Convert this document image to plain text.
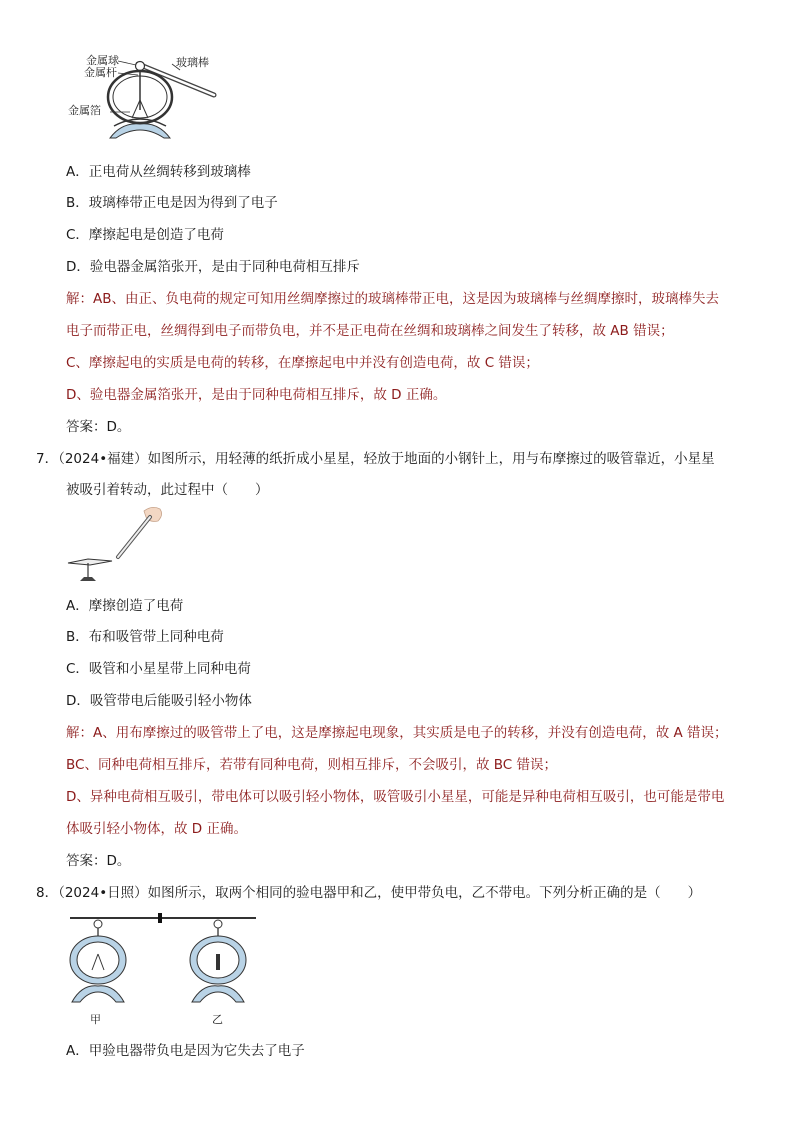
金属球
金属杆
玻璃棒
金属箔
A．正电荷从丝绸转移到玻璃棒
B．玻璃棒带正电是因为得到了电子
C．摩擦起电是创造了电荷
D．验电器金属箔张开，是由于同种电荷相互排斥
解：AB、由正、负电荷的规定可知用丝绸摩擦过的玻璃棒带正电，这是因为玻璃棒与丝绸摩擦时，玻璃棒失去
电子而带正电，丝绸得到电子而带负电，并不是正电荷在丝绸和玻璃棒之间发生了转移，故 AB 错误；
C、摩擦起电的实质是电荷的转移，在摩擦起电中并没有创造电荷，故 C 错误；
D、验电器金属箔张开，是由于同种电荷相互排斥，故 D 正确。
答案：D。
7．（2024•福建）如图所示，用轻薄的纸折成小星星，轻放于地面的小钢针上，用与布摩擦过的吸管靠近，小星星
被吸引着转动，此过程中（　　）
A．摩擦创造了电荷
B．布和吸管带上同种电荷
C．吸管和小星星带上同种电荷
D．吸管带电后能吸引轻小物体
解：A、用布摩擦过的吸管带上了电，这是摩擦起电现象，其实质是电子的转移，并没有创造电荷，故 A 错误；
BC、同种电荷相互排斥，若带有同种电荷，则相互排斥，不会吸引，故 BC 错误；
D、异种电荷相互吸引，带电体可以吸引轻小物体，吸管吸引小星星，可能是异种电荷相互吸引，也可能是带电
体吸引轻小物体，故 D 正确。
答案：D。
8．（2024•日照）如图所示，取两个相同的验电器甲和乙，使甲带负电，乙不带电。下列分析正确的是（　　）
甲	乙
A．甲验电器带负电是因为它失去了电子
